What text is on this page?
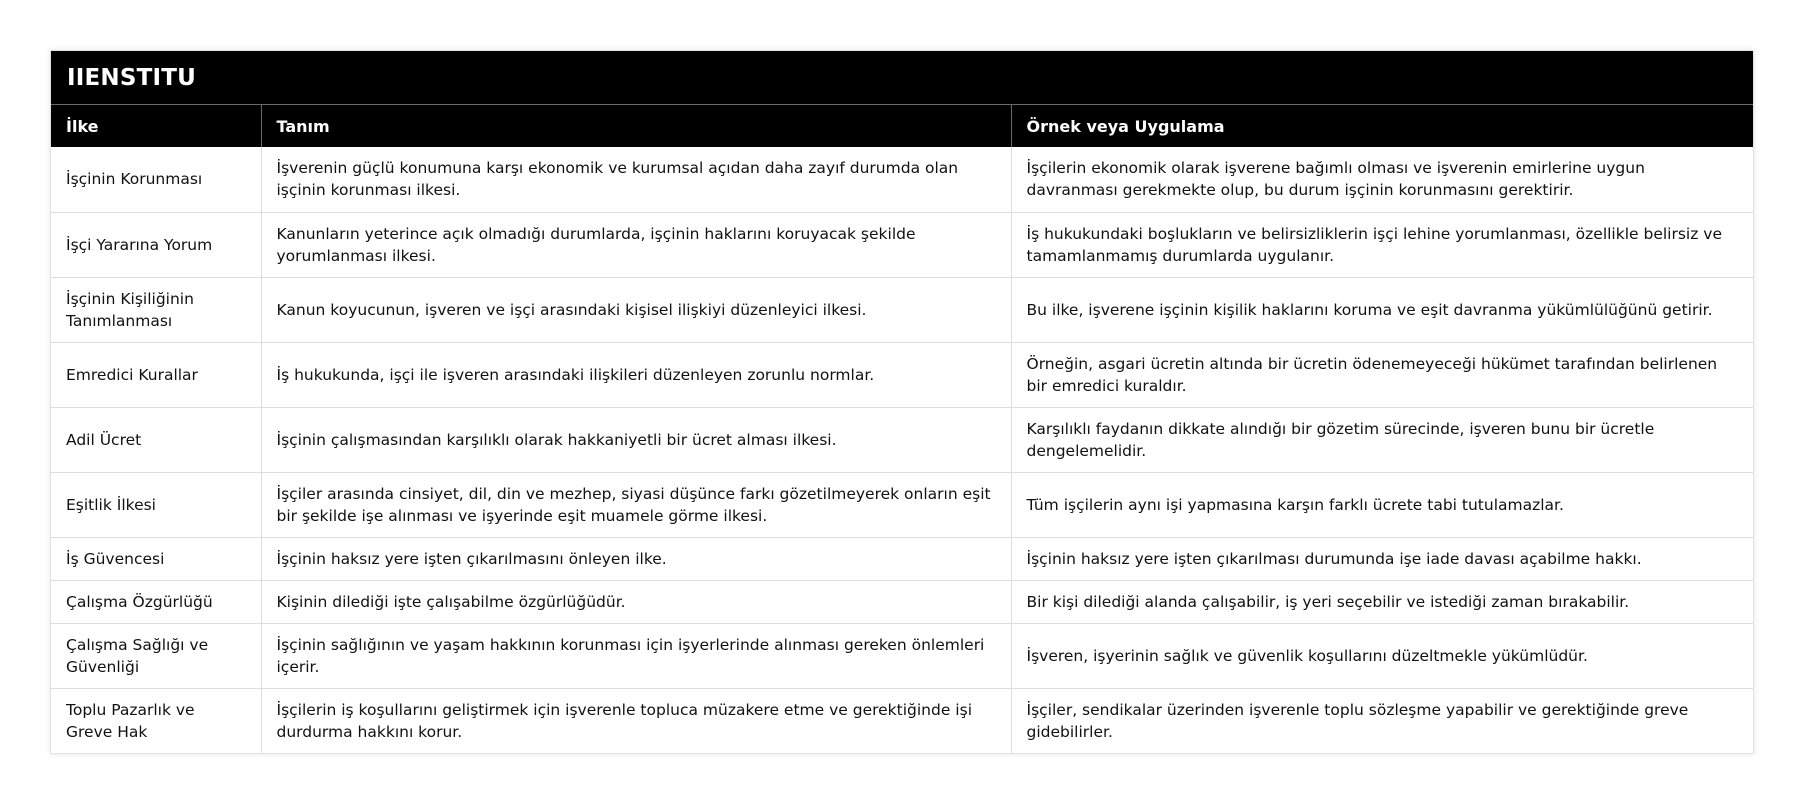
IIENSTITU
İlke	Tanım	Örnek veya Uygulama
İşçinin Korunması	İşverenin güçlü konumuna karşı ekonomik ve kurumsal açıdan daha zayıf durumda olan işçinin korunması ilkesi.	İşçilerin ekonomik olarak işverene bağımlı olması ve işverenin emirlerine uygun davranması gerekmekte olup, bu durum işçinin korunmasını gerektirir.
İşçi Yararına Yorum	Kanunların yeterince açık olmadığı durumlarda, işçinin haklarını koruyacak şekilde yorumlanması ilkesi.	İş hukukundaki boşlukların ve belirsizliklerin işçi lehine yorumlanması, özellikle belirsiz ve tamamlanmamış durumlarda uygulanır.
İşçinin Kişiliğinin Tanımlanması	Kanun koyucunun, işveren ve işçi arasındaki kişisel ilişkiyi düzenleyici ilkesi.	Bu ilke, işverene işçinin kişilik haklarını koruma ve eşit davranma yükümlülüğünü getirir.
Emredici Kurallar	İş hukukunda, işçi ile işveren arasındaki ilişkileri düzenleyen zorunlu normlar.	Örneğin, asgari ücretin altında bir ücretin ödenemeyeceği hükümet tarafından belirlenen bir emredici kuraldır.
Adil Ücret	İşçinin çalışmasından karşılıklı olarak hakkaniyetli bir ücret alması ilkesi.	Karşılıklı faydanın dikkate alındığı bir gözetim sürecinde, işveren bunu bir ücretle dengelemelidir.
Eşitlik İlkesi	İşçiler arasında cinsiyet, dil, din ve mezhep, siyasi düşünce farkı gözetilmeyerek onların eşit bir şekilde işe alınması ve işyerinde eşit muamele görme ilkesi.	Tüm işçilerin aynı işi yapmasına karşın farklı ücrete tabi tutulamazlar.
İş Güvencesi	İşçinin haksız yere işten çıkarılmasını önleyen ilke.	İşçinin haksız yere işten çıkarılması durumunda işe iade davası açabilme hakkı.
Çalışma Özgürlüğü	Kişinin dilediği işte çalışabilme özgürlüğüdür.	Bir kişi dilediği alanda çalışabilir, iş yeri seçebilir ve istediği zaman bırakabilir.
Çalışma Sağlığı ve Güvenliği	İşçinin sağlığının ve yaşam hakkının korunması için işyerlerinde alınması gereken önlemleri içerir.	İşveren, işyerinin sağlık ve güvenlik koşullarını düzeltmekle yükümlüdür.
Toplu Pazarlık ve Greve Hak	İşçilerin iş koşullarını geliştirmek için işverenle topluca müzakere etme ve gerektiğinde işi durdurma hakkını korur.	İşçiler, sendikalar üzerinden işverenle toplu sözleşme yapabilir ve gerektiğinde greve gidebilirler.
